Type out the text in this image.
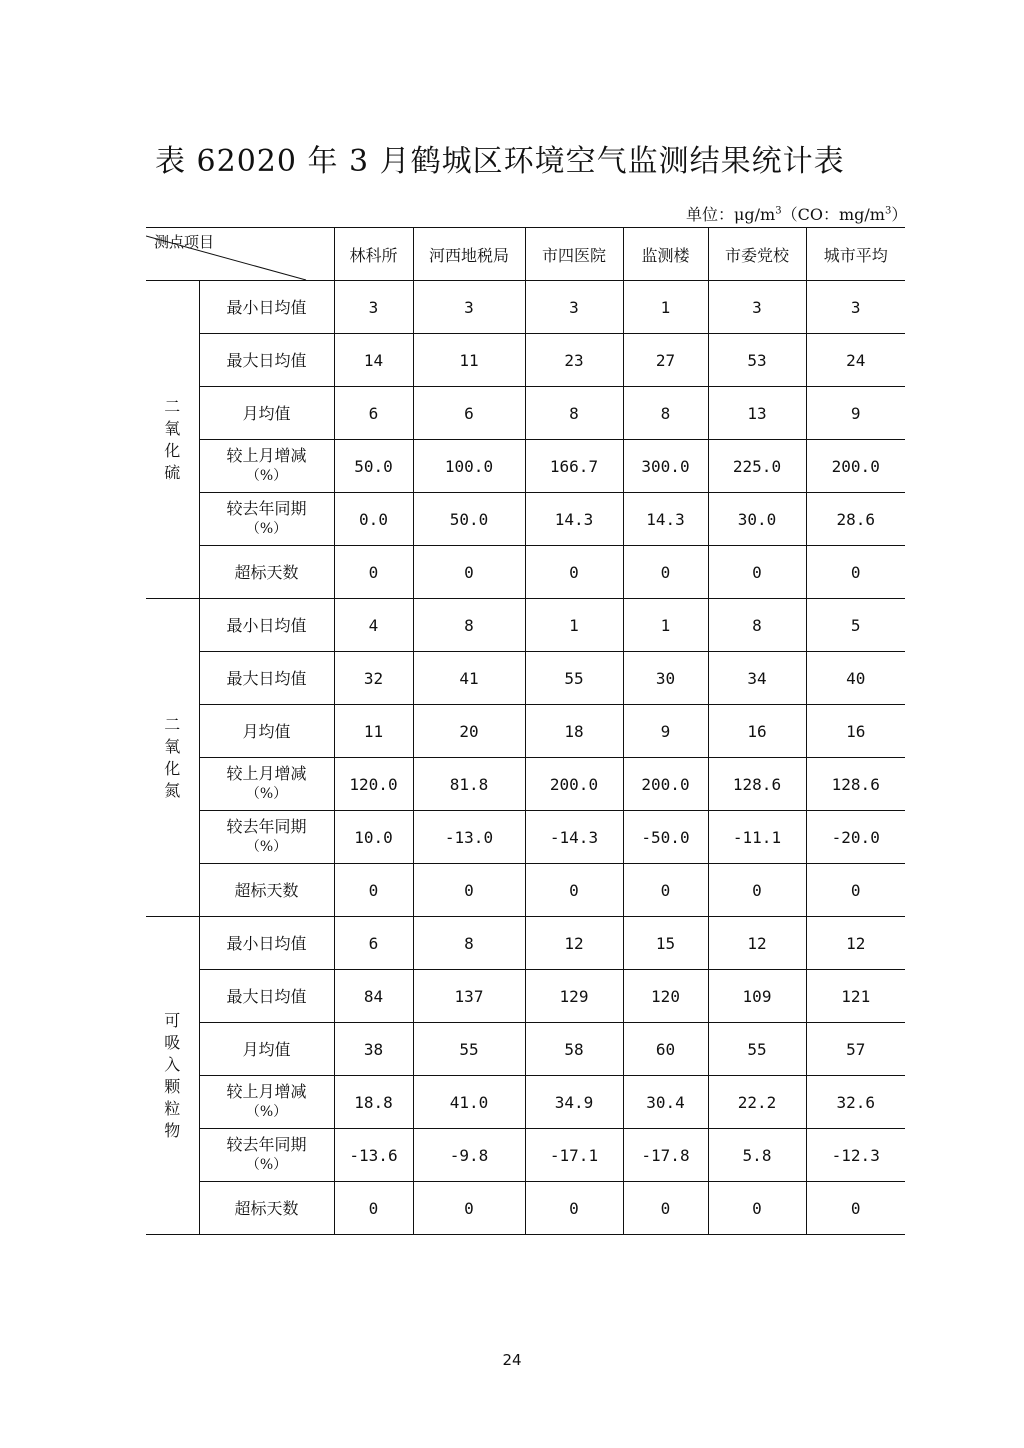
表 62020 年 3 月鹤城区环境空气监测结果统计表
单位：$\mu g/m^3(CO$：$mg/m^3$）
测点项目		林科所	河西地税局	市四医院	监测楼	市委党校	城市平均

二氧化硫	最小日均值	3	3	3	1	3	3
	最大日均值	14	11	23	27	53	24
	月均值	6	6	8	8	13	9
	较上月增减
（%）	50.0	100.0	166.7	300.0	225.0	200.0
	较去年同期
（%）	0.0	50.0	14.3	14.3	30.0	28.6
	超标天数	0	0	0	0	0	0

二氧化氮	最小日均值	4	8	1	1	8	5
	最大日均值	32	41	55	30	34	40
	月均值	11	20	18	9	16	16
	较上月增减
（%）	120.0	81.8	200.0	200.0	128.6	128.6
	较去年同期
（%）	10.0	-13.0	-14.3	-50.0	-11.1	-20.0
	超标天数	0	0	0	0	0	0

可吸入颗粒物	最小日均值	6	8	12	15	12	12
	最大日均值	84	137	129	120	109	121
	月均值	38	55	58	60	55	57
	较上月增减
（%）	18.8	41.0	34.9	30.4	22.2	32.6
	较去年同期
（%）	-13.6	-9.8	-17.1	-17.8	5.8	-12.3
	超标天数	0	0	0	0	0	0
24
